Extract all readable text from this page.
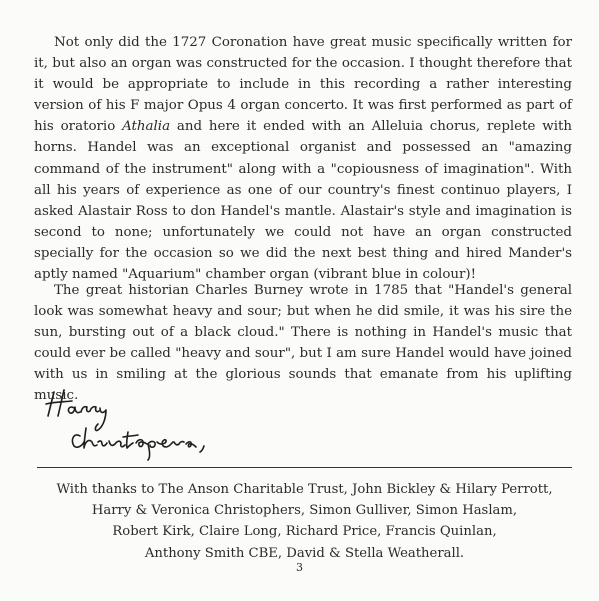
Not only did the 1727 Coronation have great music specifically written for it, but also an organ was constructed for the occasion. I thought therefore that it would be appropriate to include in this recording a rather interesting version of his F major Opus 4 organ concerto. It was first performed as part of his oratorio Athalia and here it ended with an Alleluia chorus, replete with horns. Handel was an exceptional organist and possessed an "amazing command of the instrument" along with a "copiousness of imagination". With all his years of experience as one of our country's finest continuo players, I asked Alastair Ross to don Handel's mantle. Alastair's style and imagination is second to none; unfortunately we could not have an organ constructed specially for the occasion so we did the next best thing and hired Mander's aptly named "Aquarium" chamber organ (vibrant blue in colour)!

The great historian Charles Burney wrote in 1785 that "Handel's general look was somewhat heavy and sour; but when he did smile, it was his sire the sun, bursting out of a black cloud." There is nothing in Handel's music that could ever be called "heavy and sour", but I am sure Handel would have joined with us in smiling at the glorious sounds that emanate from his uplifting music.

With thanks to The Anson Charitable Trust, John Bickley & Hilary Perrott,
Harry & Veronica Christophers, Simon Gulliver, Simon Haslam,
Robert Kirk, Claire Long, Richard Price, Francis Quinlan,
Anthony Smith CBE, David & Stella Weatherall.

3
